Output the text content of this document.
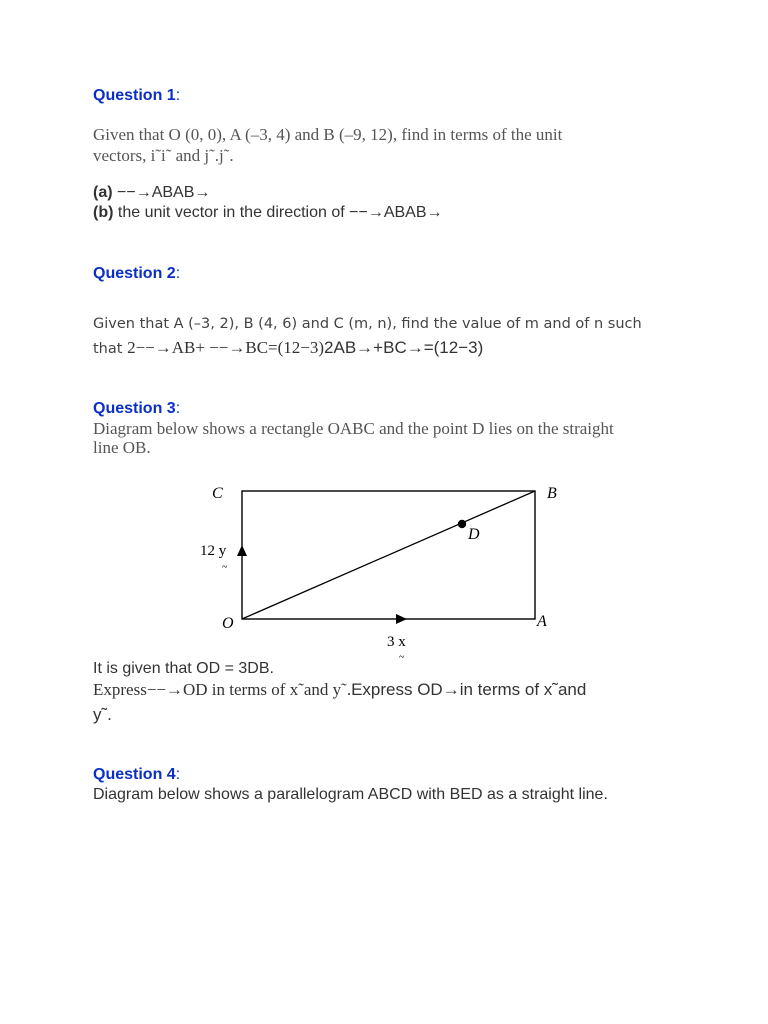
Question 1:
Given that O (0, 0), A (–3, 4) and B (–9, 12), find in terms of the unit
vectors, i˜i˜ and j˜.j˜.
(a) −−→ABAB→
(b) the unit vector in the direction of −−→ABAB→
Question 2:
Given that A (–3, 2), B (4, 6) and C (m, n), find the value of m and of n such
that 2−−→AB+ −−→BC=(12−3)2AB→+BC→=(12−3)
Question 3:
Diagram below shows a rectangle OABC and the point D lies on the straight
line OB.
C	B
D
O	A
12 y
~
3 x
~
It is given that OD = 3DB.
Express−−→OD in terms of x˜and y˜.Express OD→in terms of x˜and
y˜.
Question 4:
Diagram below shows a parallelogram ABCD with BED as a straight line.
